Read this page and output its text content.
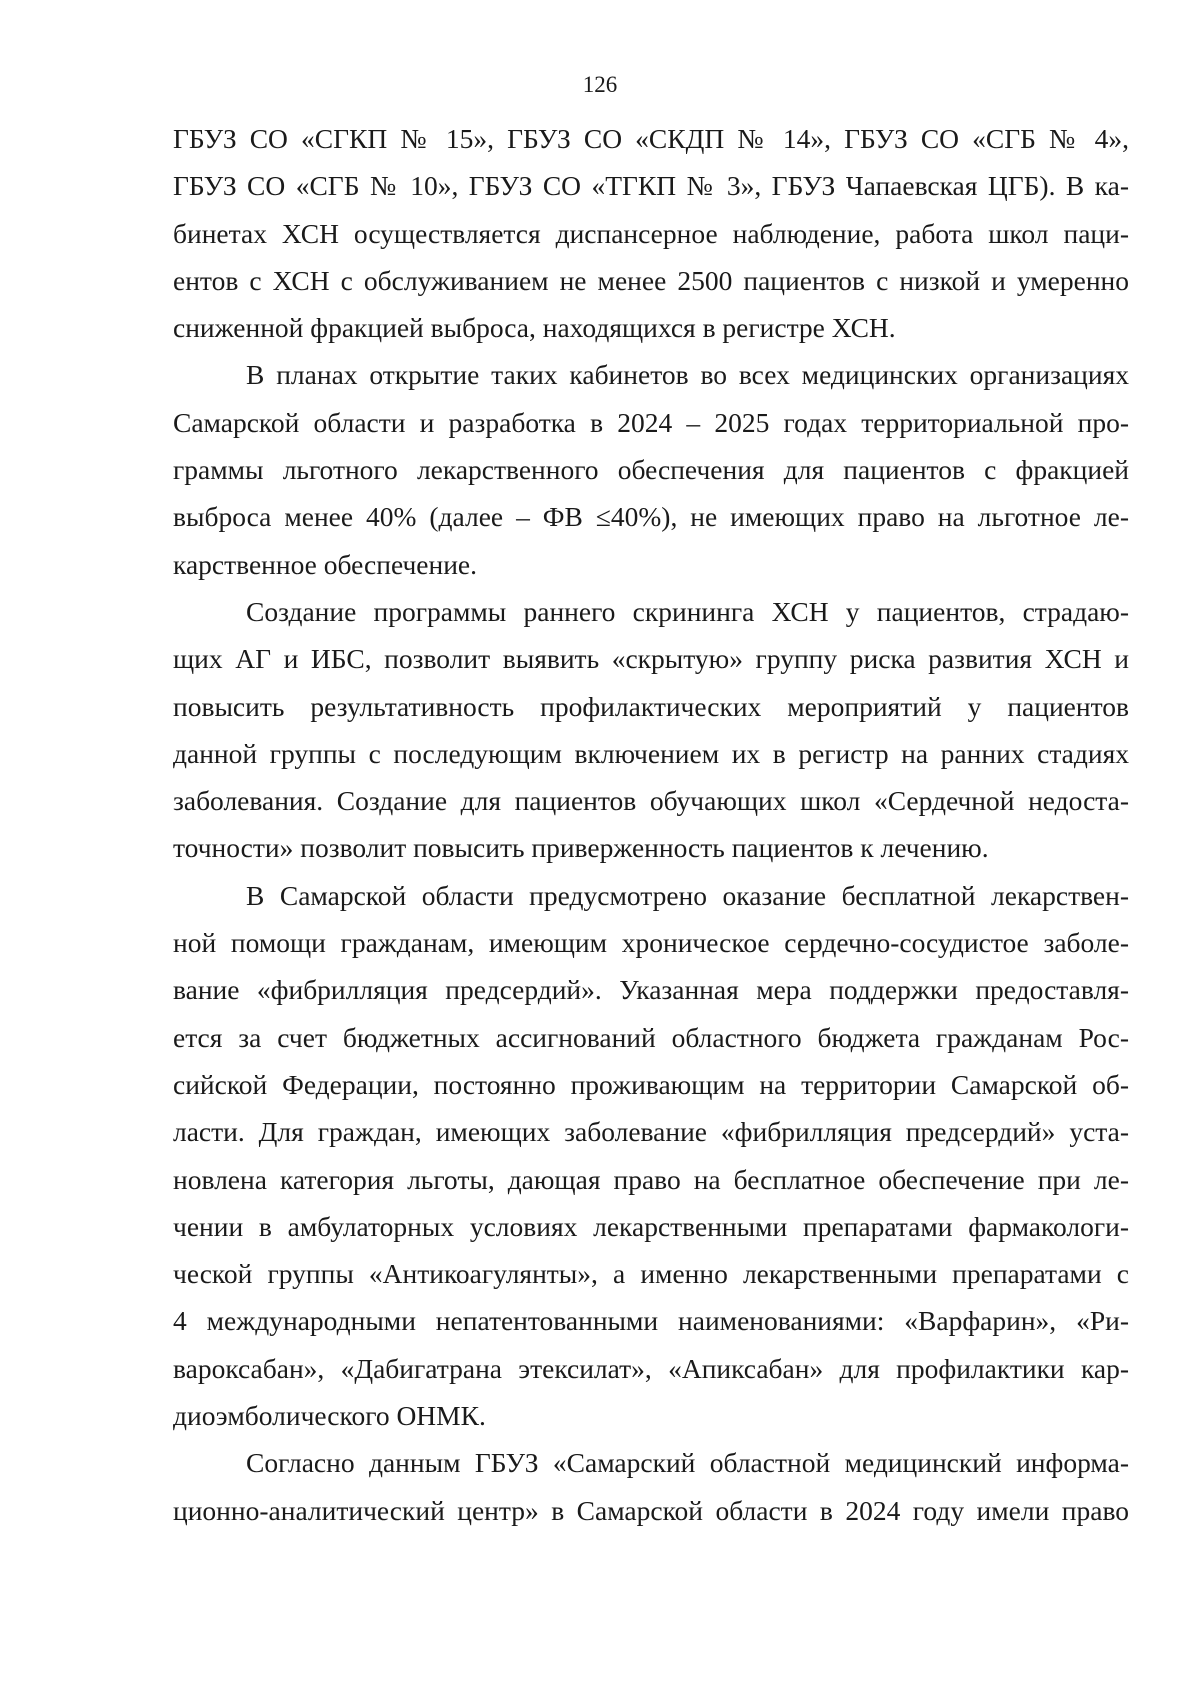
126
ГБУЗ СО «СГКП № 15», ГБУЗ СО «СКДП № 14», ГБУЗ СО «СГБ № 4»,
ГБУЗ СО «СГБ № 10», ГБУЗ СО «ТГКП № 3», ГБУЗ Чапаевская ЦГБ). В ка-
бинетах ХСН осуществляется диспансерное наблюдение, работа школ паци-
ентов с ХСН с обслуживанием не менее 2500 пациентов с низкой и умеренно
сниженной фракцией выброса, находящихся в регистре ХСН.
В планах открытие таких кабинетов во всех медицинских организациях
Самарской области и разработка в 2024 – 2025 годах территориальной про-
граммы льготного лекарственного обеспечения для пациентов с фракцией
выброса менее 40% (далее – ФВ ≤40%), не имеющих право на льготное ле-
карственное обеспечение.
Создание программы раннего скрининга ХСН у пациентов, страдаю-
щих АГ и ИБС, позволит выявить «скрытую» группу риска развития ХСН и
повысить результативность профилактических мероприятий у пациентов
данной группы с последующим включением их в регистр на ранних стадиях
заболевания. Создание для пациентов обучающих школ «Сердечной недоста-
точности» позволит повысить приверженность пациентов к лечению.
В Самарской области предусмотрено оказание бесплатной лекарствен-
ной помощи гражданам, имеющим хроническое сердечно-сосудистое заболе-
вание «фибрилляция предсердий». Указанная мера поддержки предоставля-
ется за счет бюджетных ассигнований областного бюджета гражданам Рос-
сийской Федерации, постоянно проживающим на территории Самарской об-
ласти. Для граждан, имеющих заболевание «фибрилляция предсердий» уста-
новлена категория льготы, дающая право на бесплатное обеспечение при ле-
чении в амбулаторных условиях лекарственными препаратами фармакологи-
ческой группы «Антикоагулянты», а именно лекарственными препаратами с
4 международными непатентованными наименованиями: «Варфарин», «Ри-
вароксабан», «Дабигатрана этексилат», «Апиксабан» для профилактики кар-
диоэмболического ОНМК.
Согласно данным ГБУЗ «Самарский областной медицинский информа-
ционно-аналитический центр» в Самарской области в 2024 году имели право
